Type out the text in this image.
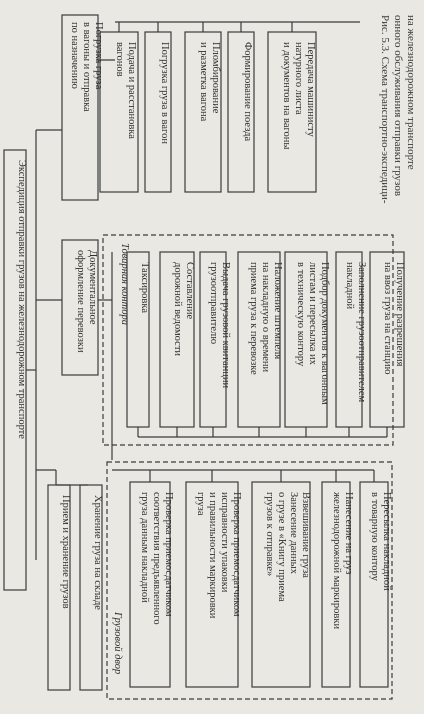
Экспедиция отправки грузов на железнодорожном транспорте
Погрузка груза
в вагоны и отправка
по назначению	Подача и расстановка
вагонов	Погрузка груза в вагон	Пломбирование
и разметка вагона	Формирование поезда	Передача машинисту
натурного листа
и документов на вагоны
Документальное
оформление перевозки	Товарная контора Таксировка	Составление
дорожной ведомости	Выдача грузовой квитанции
грузоотправителю	Наложение штемпеля
на накладную о времени
приема груза к перевозке	Подбор документов к вагонным
листам и пересылка их
в техническую контору	Заполнение грузоотправителем
накладной	Получение разрешения
на ввоз груза на станцию
Прием и хранение грузов Хранение груза на складе
Грузовой двор
Проверка приемосдатчиком
соответствия предъявленного
груза данным накладной	Проверка приемосдатчиком
исправности упаковки
и правильности маркировки
груза	Взвешивание груза
Занесение данных
о грузе в «Книгу приема
грузов к отправке»	Нанесение на груз
железнодорожной маркировки	Пересылка накладной
в товарную контору
Рис. 5.3. Схема транспортно-экспедици- онного обслуживания отправки грузов на железнодорожном транспорте
